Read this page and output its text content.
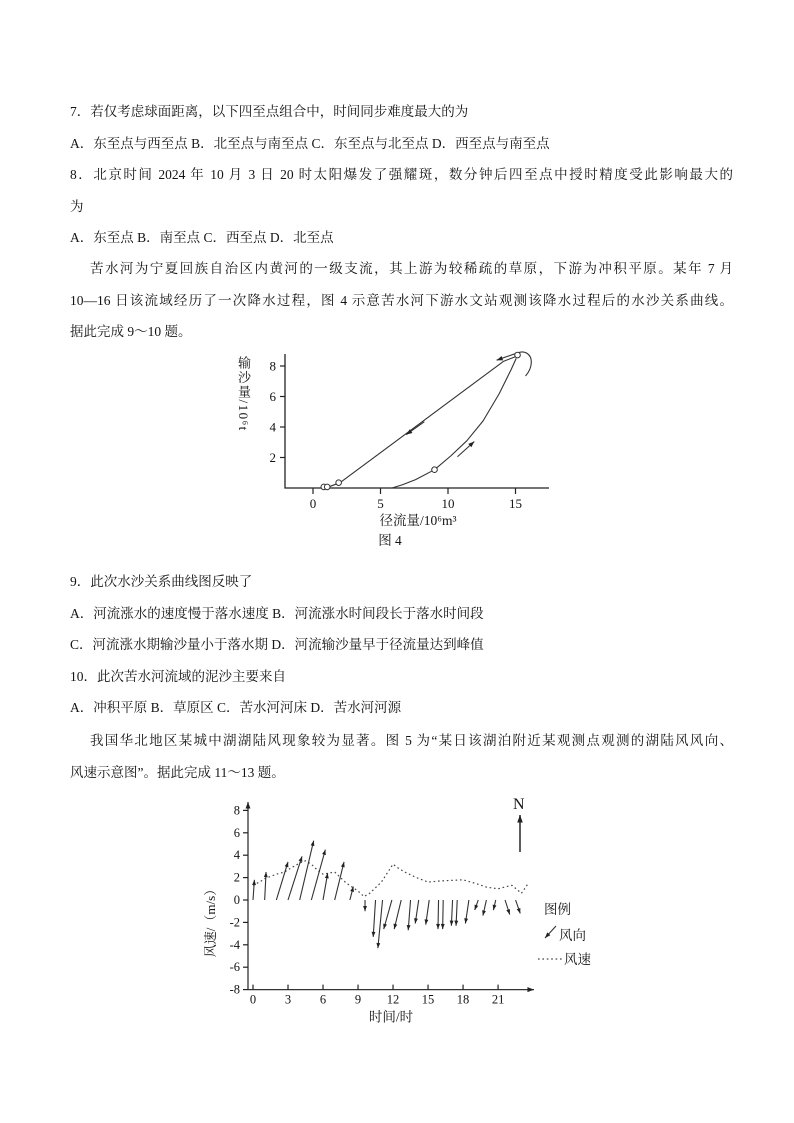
7．若仅考虑球面距离，以下四至点组合中，时间同步难度最大的为
A．东至点与西至点 B．北至点与南至点 C．东至点与北至点 D．西至点与南至点
8．北京时间 2024 年 10 月 3 日 20 时太阳爆发了强耀斑，数分钟后四至点中授时精度受此影响最大的
为
A．东至点 B．南至点 C．西至点 D．北至点
苦水河为宁夏回族自治区内黄河的一级支流，其上游为较稀疏的草原，下游为冲积平原。某年 7 月
10—16 日该流域经历了一次降水过程，图 4 示意苦水河下游水文站观测该降水过程后的水沙关系曲线。
据此完成 9～10 题。
输沙量/10⁶t
2
4
6
8
0	5	10	15
径流量/10⁶m³
图 4
9．此次水沙关系曲线图反映了
A．河流涨水的速度慢于落水速度 B．河流涨水时间段长于落水时间段
C．河流涨水期输沙量小于落水期 D．河流输沙量早于径流量达到峰值
10．此次苦水河流域的泥沙主要来自
A．冲积平原 B．草原区 C．苦水河河床 D．苦水河河源
我国华北地区某城中湖湖陆风现象较为显著。图 5 为“某日该湖泊附近某观测点观测的湖陆风风向、
风速示意图”。据此完成 11～13 题。
8
6
4
2
0
-2
-4
-6
-8
0 3 6 9 12 15 18 21
时间/时
风速/（m/s）
N
图例
风向
风速
